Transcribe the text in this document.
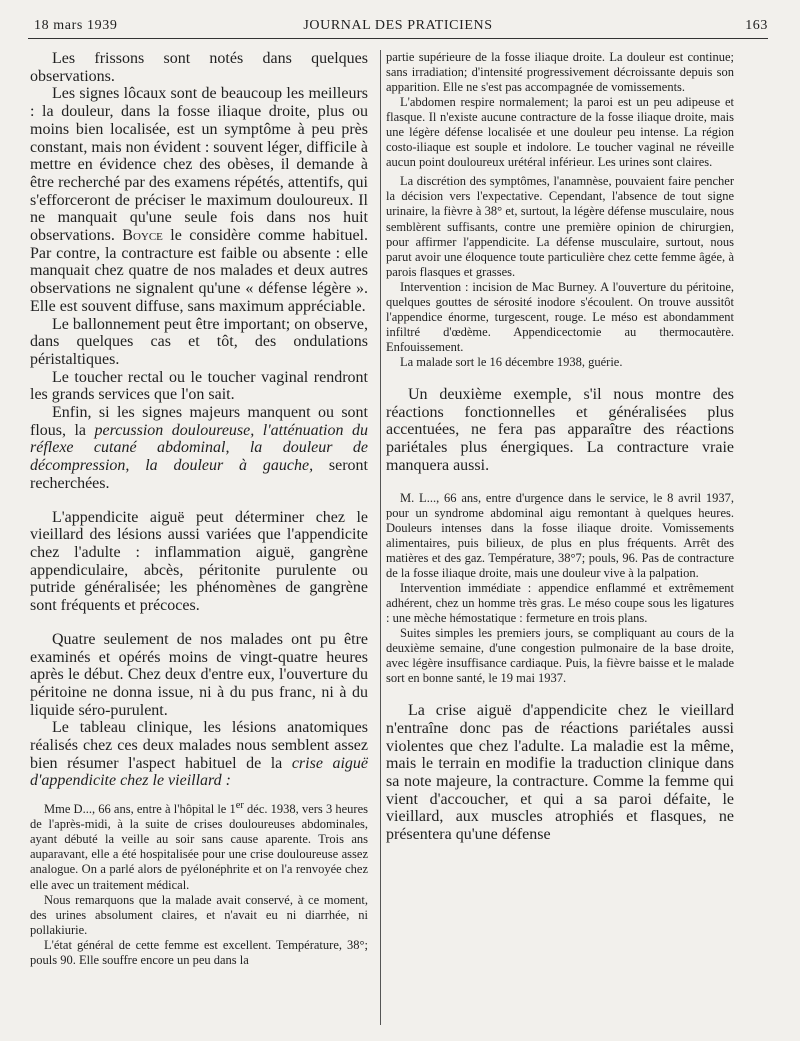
18 mars 1939	JOURNAL DES PRATICIENS	163

Les frissons sont notés dans quelques observations.

Les signes lôcaux sont de beaucoup les meilleurs : la douleur, dans la fosse iliaque droite, plus ou moins bien localisée, est un symptôme à peu près constant, mais non évident : souvent léger, difficile à mettre en évidence chez des obèses, il demande à être recherché par des examens répétés, attentifs, qui s'efforceront de préciser le maximum douloureux. Il ne manquait qu'une seule fois dans nos huit observations. Boyce le considère comme habituel. Par contre, la contracture est faible ou absente : elle manquait chez quatre de nos malades et deux autres observations ne signalent qu'une « défense légère ». Elle est souvent diffuse, sans maximum appréciable.

Le ballonnement peut être important; on observe, dans quelques cas et tôt, des ondulations péristaltiques.

Le toucher rectal ou le toucher vaginal rendront les grands services que l'on sait.

Enfin, si les signes majeurs manquent ou sont flous, la percussion douloureuse, l'atténuation du réflexe cutané abdominal, la douleur de décompression, la douleur à gauche, seront recherchées.

L'appendicite aiguë peut déterminer chez le vieillard des lésions aussi variées que l'appendicite chez l'adulte : inflammation aiguë, gangrène appendiculaire, abcès, péritonite purulente ou putride généralisée; les phénomènes de gangrène sont fréquents et précoces.

Quatre seulement de nos malades ont pu être examinés et opérés moins de vingt-quatre heures après le début. Chez deux d'entre eux, l'ouverture du péritoine ne donna issue, ni à du pus franc, ni à du liquide séro-purulent.

Le tableau clinique, les lésions anatomiques réalisés chez ces deux malades nous semblent assez bien résumer l'aspect habituel de la crise aiguë d'appendicite chez le vieillard :

Mme D..., 66 ans, entre à l'hôpital le 1er déc. 1938, vers 3 heures de l'après-midi, à la suite de crises douloureuses abdominales, ayant débuté la veille au soir sans cause aparente. Trois ans auparavant, elle a été hospitalisée pour une crise douloureuse assez analogue. On a parlé alors de pyélonéphrite et on l'a renvoyée chez elle avec un traitement médical.

Nous remarquons que la malade avait conservé, à ce moment, des urines absolument claires, et n'avait eu ni diarrhée, ni pollakiurie.

L'état général de cette femme est excellent. Température, 38°; pouls 90. Elle souffre encore un peu dans la

partie supérieure de la fosse iliaque droite. La douleur est continue; sans irradiation; d'intensité progressivement décroissante depuis son apparition. Elle ne s'est pas accompagnée de vomissements.

L'abdomen respire normalement; la paroi est un peu adipeuse et flasque. Il n'existe aucune contracture de la fosse iliaque droite, mais une légère défense localisée et une douleur peu intense. La région costo-iliaque est souple et indolore. Le toucher vaginal ne réveille aucun point douloureux urétéral inférieur. Les urines sont claires.

La discrétion des symptômes, l'anamnèse, pouvaient faire pencher la décision vers l'expectative. Cependant, l'absence de tout signe urinaire, la fièvre à 38° et, surtout, la légère défense musculaire, nous semblèrent suffisants, contre une première opinion de chirurgien, pour affirmer l'appendicite. La défense musculaire, surtout, nous parut avoir une éloquence toute particulière chez cette femme âgée, à parois flasques et grasses.

Intervention : incision de Mac Burney. A l'ouverture du péritoine, quelques gouttes de sérosité inodore s'écoulent. On trouve aussitôt l'appendice énorme, turgescent, rouge. Le méso est abondamment infiltré d'œdème. Appendicectomie au thermocautère. Enfouissement.

La malade sort le 16 décembre 1938, guérie.

Un deuxième exemple, s'il nous montre des réactions fonctionnelles et généralisées plus accentuées, ne fera pas apparaître des réactions pariétales plus énergiques. La contracture vraie manquera aussi.

M. L..., 66 ans, entre d'urgence dans le service, le 8 avril 1937, pour un syndrome abdominal aigu remontant à quelques heures. Douleurs intenses dans la fosse iliaque droite. Vomissements alimentaires, puis bilieux, de plus en plus fréquents. Arrêt des matières et des gaz. Température, 38°7; pouls, 96. Pas de contracture de la fosse iliaque droite, mais une douleur vive à la palpation.

Intervention immédiate : appendice enflammé et extrêmement adhérent, chez un homme très gras. Le méso coupe sous les ligatures : une mèche hémostatique : fermeture en trois plans.

Suites simples les premiers jours, se compliquant au cours de la deuxième semaine, d'une congestion pulmonaire de la base droite, avec légère insuffisance cardiaque. Puis, la fièvre baisse et le malade sort en bonne santé, le 19 mai 1937.

La crise aiguë d'appendicite chez le vieillard n'entraîne donc pas de réactions pariétales aussi violentes que chez l'adulte. La maladie est la même, mais le terrain en modifie la traduction clinique dans sa note majeure, la contracture. Comme la femme qui vient d'accoucher, et qui a sa paroi défaite, le vieillard, aux muscles atrophiés et flasques, ne présentera qu'une défense
